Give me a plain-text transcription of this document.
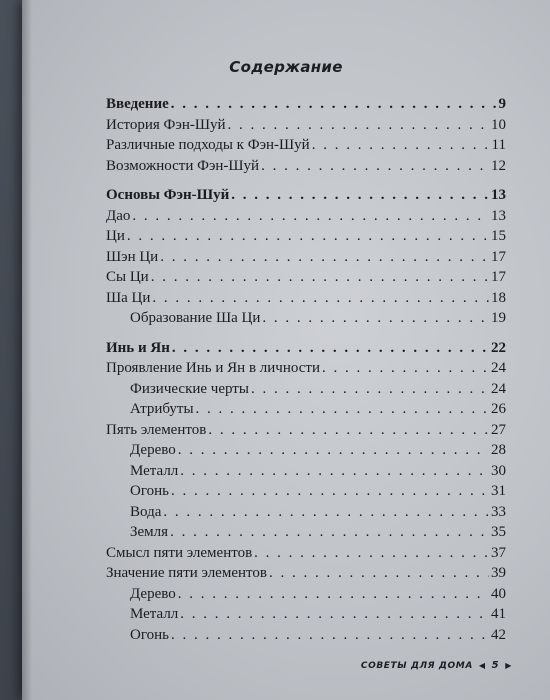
Содержание
Введение . . .	9
История Фэн-Шуй . . .	10
Различные подходы к Фэн-Шуй . . .	11
Возможности Фэн-Шуй . . .	12
Основы Фэн-Шуй . . .	13
Дао . . .	13
Ци . . .	15
Шэн Ци . . .	17
Сы Ци . . .	17
Ша Ци . . .	18
Образование Ша Ци . . .	19
Инь и Ян . . .	22
Проявление Инь и Ян в личности . . .	24
Физические черты . . .	24
Атрибуты . . .	26
Пять элементов . . .	27
Дерево . . .	28
Металл . . .	30
Огонь . . .	31
Вода . . .	33
Земля . . .	35
Смысл пяти элементов . . .	37
Значение пяти элементов . . .	39
Дерево . . .	40
Металл . . .	41
Огонь . . .	42
СОВЕТЫ ДЛЯ ДОМА ◀ 5 ▶
